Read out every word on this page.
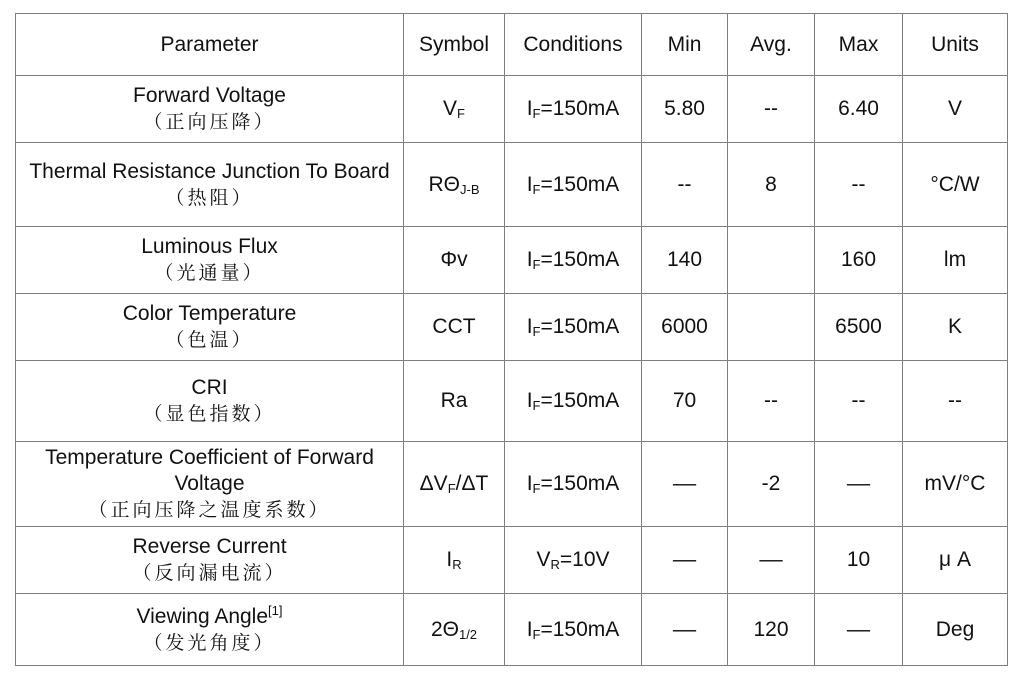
Parameter	Symbol	Conditions	Min	Avg.	Max	Units

Forward Voltage
（正向压降）	$V_F$	$I_F=150mA$	5.80	--	6.40	V

Thermal Resistance Junction To Board
（热阻）	$R\Theta_{J-B}$	$I_F=150mA$	--	8	--	°C/W

Luminous Flux
（光通量）	Φv	$I_F=150mA$	140		160	lm

Color Temperature
（色温）	CCT	$I_F=150mA$	6000		6500	K

CRI
（显色指数）	Ra	$I_F=150mA$	70	--	--	--

Temperature Coefficient of Forward Voltage
（正向压降之温度系数）	$\Delta V_F/\Delta T$	$I_F=150mA$	––	-2	––	mV/°C

Reverse Current
（反向漏电流）	$I_R$	$V_R=10V$	––	––	10	μ A

Viewing Angle[1]
（发光角度）	$2\Theta_{1/2}$	$I_F=150mA$	––	120	––	Deg
